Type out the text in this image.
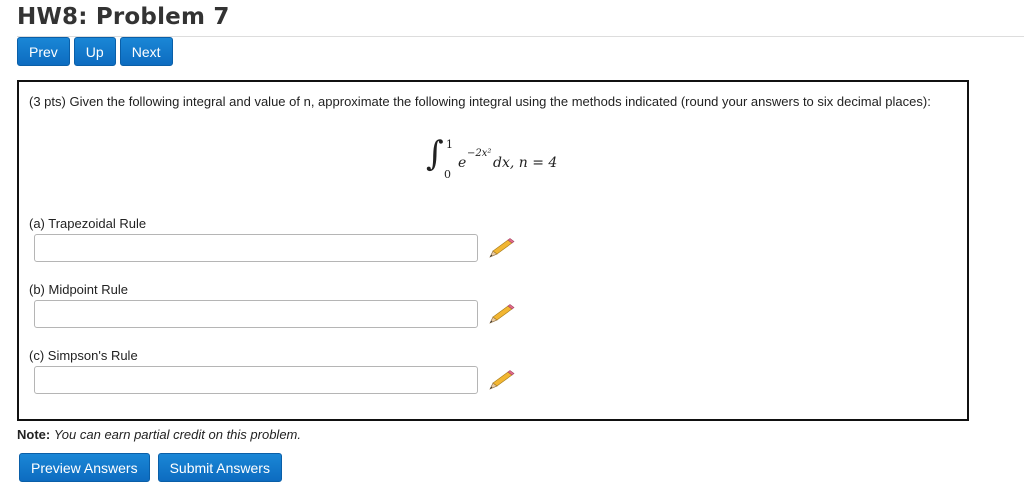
HW8: Problem 7
Prev	Up	Next
(3 pts) Given the following integral and value of n, approximate the following integral using the methods indicated (round your answers to six decimal places):
∫ 1
0
e
−2x²
dx, n = 4
(a) Trapezoidal Rule
(b) Midpoint Rule
(c) Simpson's Rule
Note: You can earn partial credit on this problem.
Preview Answers	Submit Answers
